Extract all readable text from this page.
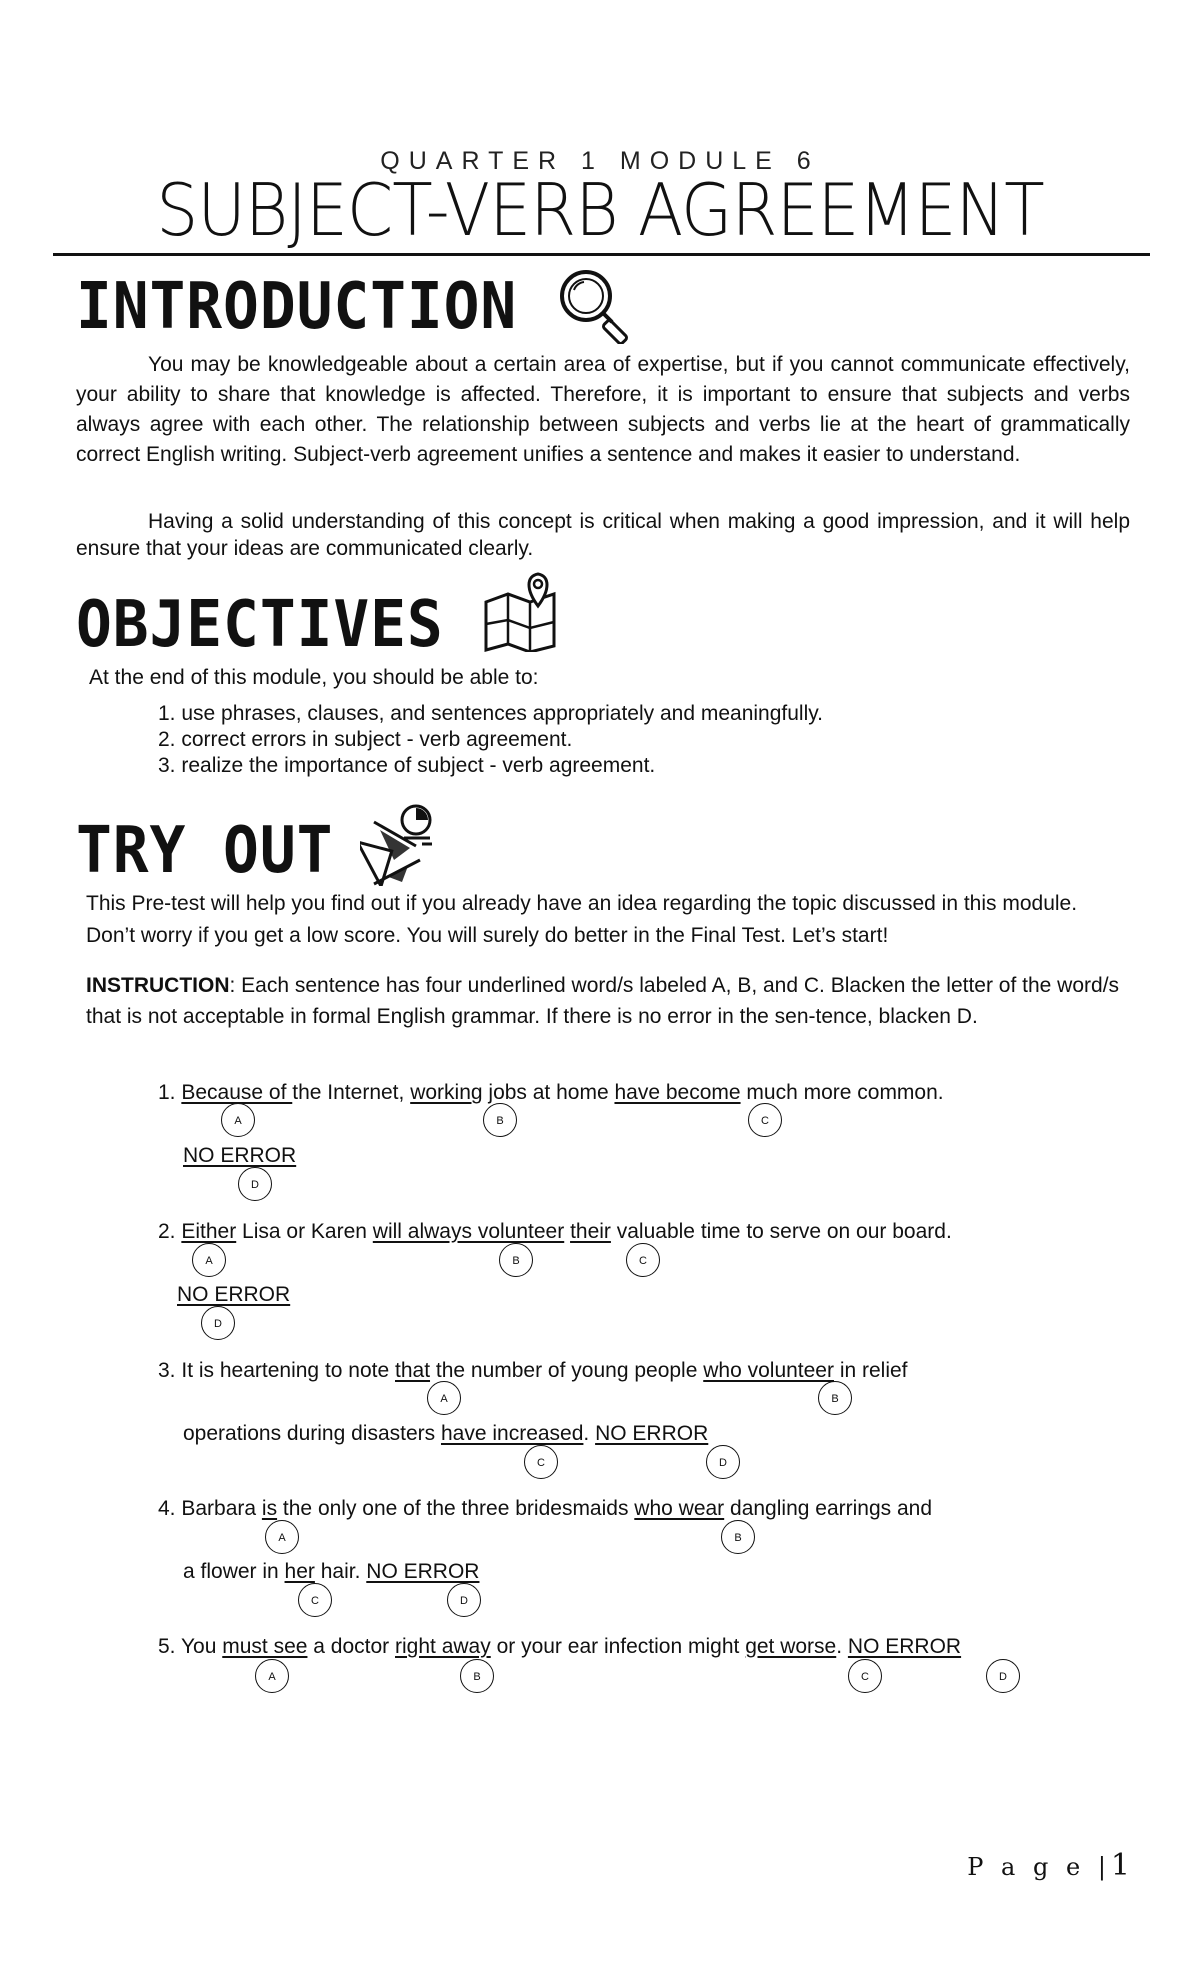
QUARTER 1 MODULE 6
SUBJECT-VERB AGREEMENT
INTRODUCTION
You may be knowledgeable about a certain area of expertise, but if you cannot communicate effectively, your ability to share that knowledge is affected. Therefore, it is important to ensure that subjects and verbs always agree with each other. The relationship between subjects and verbs lie at the heart of grammatically correct English writing. Subject-verb agreement unifies a sentence and makes it easier to understand.
Having a solid understanding of this concept is critical when making a good impression, and it will help ensure that your ideas are communicated clearly.
OBJECTIVES
At the end of this module, you should be able to:
1. use phrases, clauses, and sentences appropriately and meaningfully.
2. correct errors in subject - verb agreement.
3. realize the importance of subject - verb agreement.
TRY OUT
This Pre-test will help you find out if you already have an idea regarding the topic discussed in this module. Don’t worry if you get a low score. You will surely do better in the Final Test. Let’s start!
INSTRUCTION: Each sentence has four underlined word/s labeled A, B, and C. Blacken the letter of the word/s that is not acceptable in formal English grammar. If there is no error in the sen-tence, blacken D.
1. Because of the Internet, working jobs at home have become much more common.
A	B	C
NO ERROR
D
2. Either Lisa or Karen will always volunteer their valuable time to serve on our board.
A	B	C
NO ERROR
D
3. It is heartening to note that the number of young people who volunteer in relief
A	B
operations during disasters have increased. NO ERROR
C	D
4. Barbara is the only one of the three bridesmaids who wear dangling earrings and
A	B
a flower in her hair. NO ERROR
C	D
5. You must see a doctor right away or your ear infection might get worse. NO ERROR
A	B	C	D
P a g e |1
